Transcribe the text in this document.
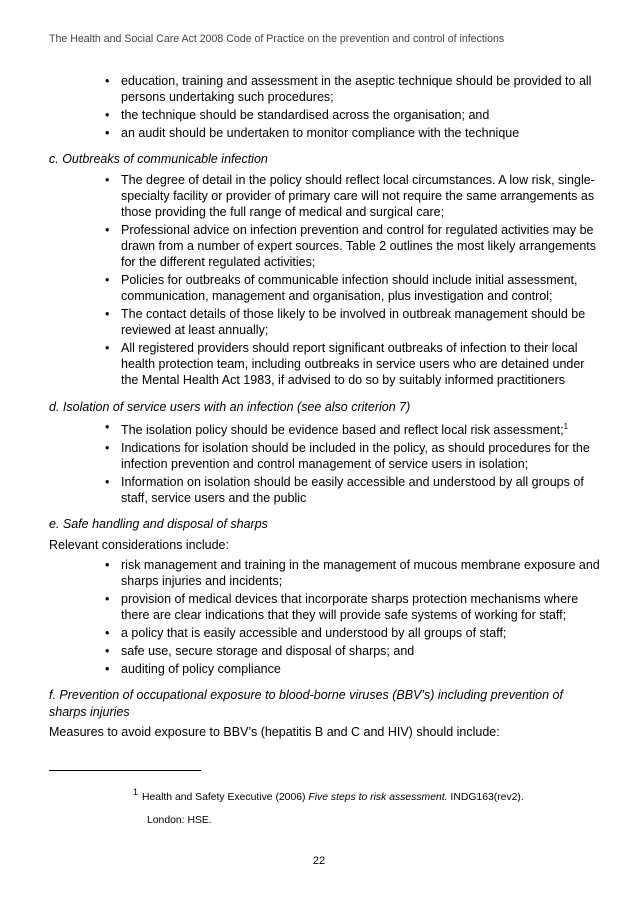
The Health and Social Care Act 2008 Code of Practice on the prevention and control of infections
• education, training and assessment in the aseptic technique should be provided to all persons undertaking such procedures;
• the technique should be standardised across the organisation; and
• an audit should be undertaken to monitor compliance with the technique
c. Outbreaks of communicable infection
• The degree of detail in the policy should reflect local circumstances. A low risk, single-specialty facility or provider of primary care will not require the same arrangements as those providing the full range of medical and surgical care;
• Professional advice on infection prevention and control for regulated activities may be drawn from a number of expert sources. Table 2 outlines the most likely arrangements for the different regulated activities;
• Policies for outbreaks of communicable infection should include initial assessment, communication, management and organisation, plus investigation and control;
• The contact details of those likely to be involved in outbreak management should be reviewed at least annually;
• All registered providers should report significant outbreaks of infection to their local health protection team, including outbreaks in service users who are detained under the Mental Health Act 1983, if advised to do so by suitably informed practitioners
d. Isolation of service users with an infection (see also criterion 7)
• The isolation policy should be evidence based and reflect local risk assessment;$^1$
• Indications for isolation should be included in the policy, as should procedures for the infection prevention and control management of service users in isolation;
• Information on isolation should be easily accessible and understood by all groups of staff, service users and the public
e. Safe handling and disposal of sharps
Relevant considerations include:
• risk management and training in the management of mucous membrane exposure and sharps injuries and incidents;
• provision of medical devices that incorporate sharps protection mechanisms where there are clear indications that they will provide safe systems of working for staff;
• a policy that is easily accessible and understood by all groups of staff;
• safe use, secure storage and disposal of sharps; and
• auditing of policy compliance
f. Prevention of occupational exposure to blood-borne viruses (BBV’s) including prevention of sharps injuries
Measures to avoid exposure to BBV’s (hepatitis B and C and HIV) should include:
$^1$ Health and Safety Executive (2006) Five steps to risk assessment. INDG163(rev2).
London: HSE.
22
